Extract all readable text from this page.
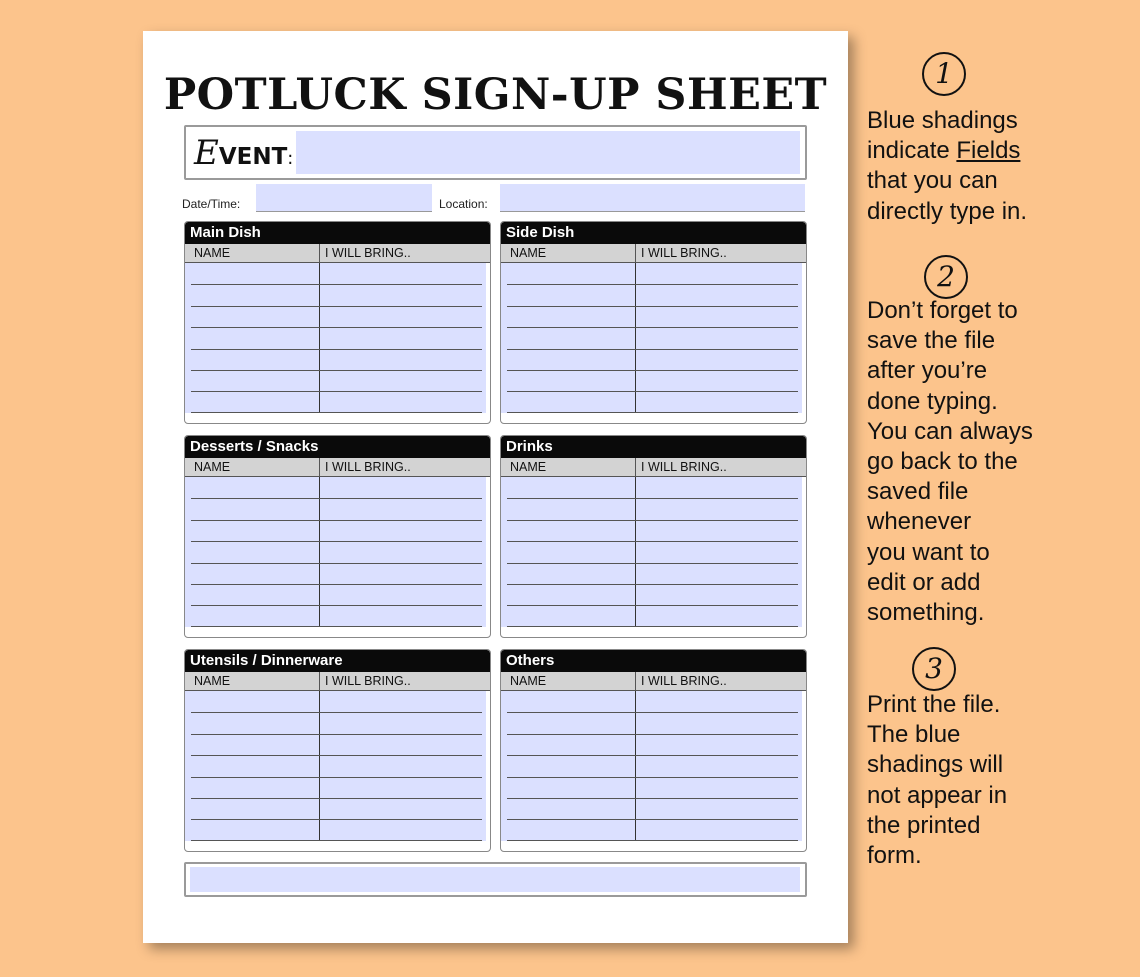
POTLUCK SIGN-UP SHEET
EVENT:
Date/Time:	Location:
Main Dish
NAME	I WILL BRING..
Side Dish
NAME	I WILL BRING..
Desserts / Snacks
NAME	I WILL BRING..
Drinks
NAME	I WILL BRING..
Utensils / Dinnerware
NAME	I WILL BRING..
Others
NAME	I WILL BRING..
1
Blue shadings
indicate Fields
that you can
directly type in.
2
Don’t forget to
save the file
after you’re
done typing.
You can always
go back to the
saved file
whenever
you want to
edit or add
something.
3
Print the file.
The blue
shadings will
not appear in
the printed
form.
